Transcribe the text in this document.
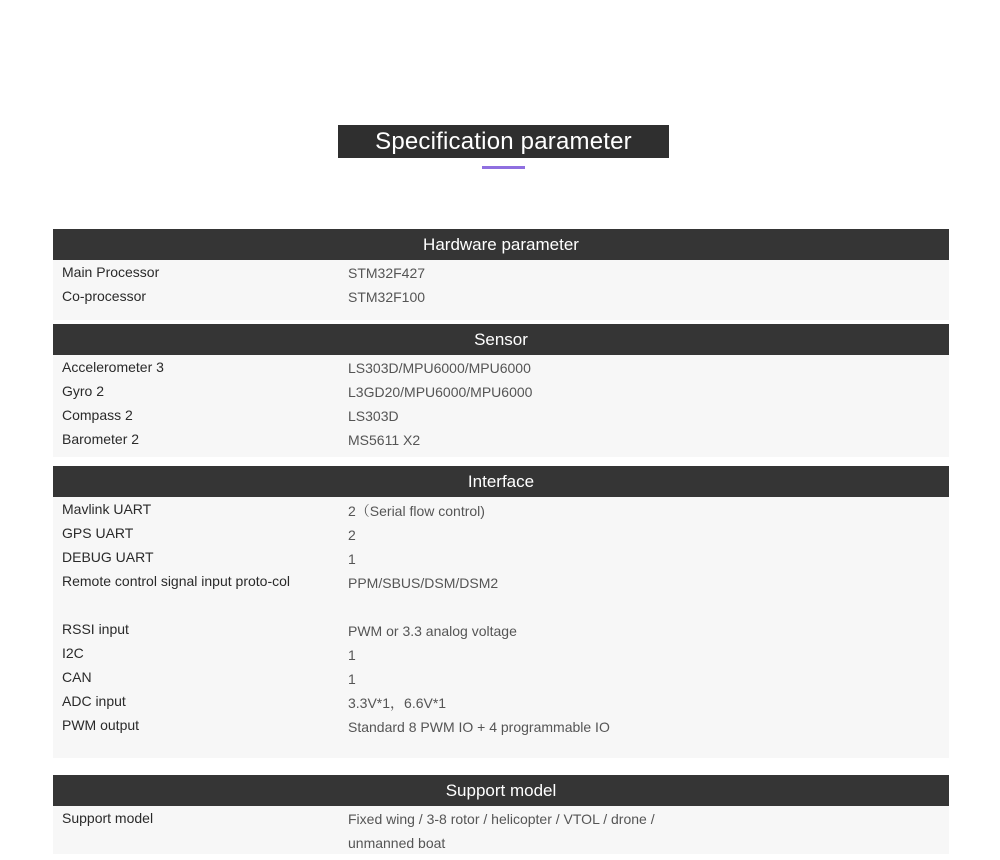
Specification parameter
Hardware parameter
Main Processor	STM32F427
Co-processor	STM32F100
Sensor
Accelerometer 3	LS303D/MPU6000/MPU6000
Gyro 2	L3GD20/MPU6000/MPU6000
Compass 2	LS303D
Barometer 2	MS5611 X2
Interface
Mavlink UART	2（Serial flow control)
GPS UART	2
DEBUG UART	1
Remote control signal input proto-col	PPM/SBUS/DSM/DSM2
RSSI input	PWM or 3.3 analog voltage
I2C	1
CAN	1
ADC input	3.3V*1，6.6V*1
PWM output	Standard 8 PWM IO + 4 programmable IO
Support model
Support model	Fixed wing / 3-8 rotor / helicopter / VTOL / drone / unmanned boat
